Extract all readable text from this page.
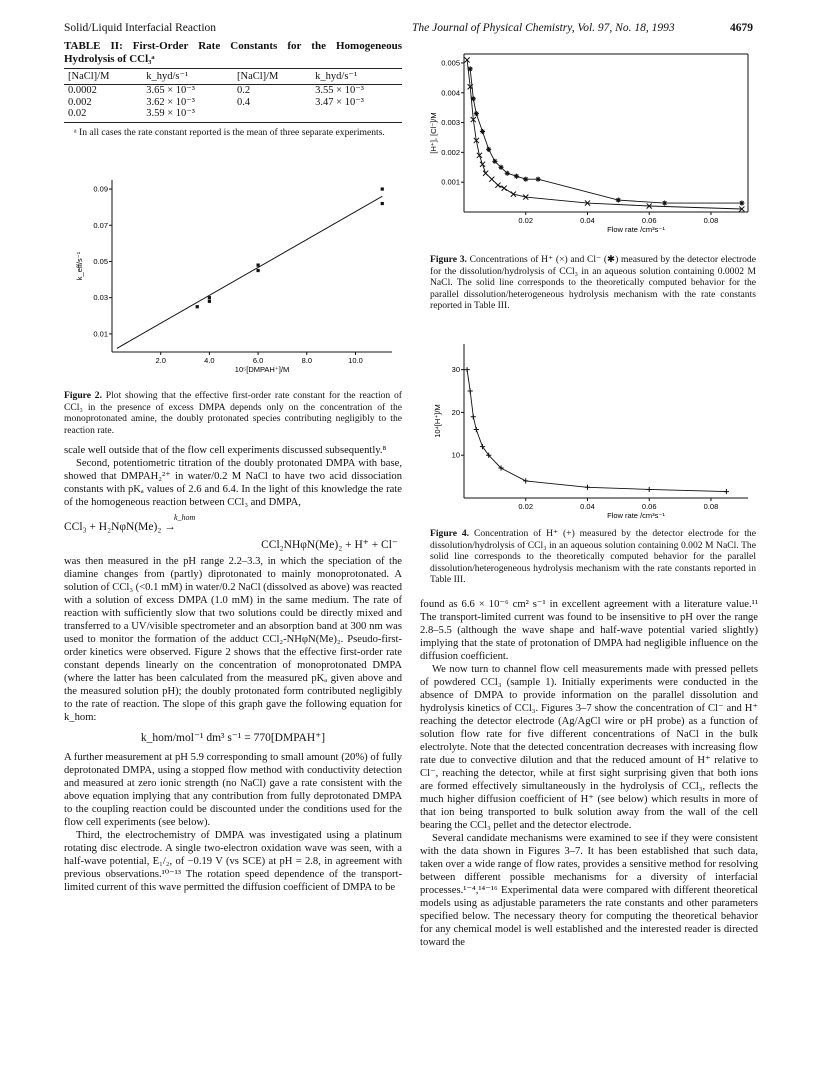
Solid/Liquid Interfacial Reaction	The Journal of Physical Chemistry, Vol. 97, No. 18, 1993	4679
TABLE II: First-Order Rate Constants for the Homogeneous Hydrolysis of CCl₃ᵃ
[NaCl]/M	k_hyd/s⁻¹	[NaCl]/M	k_hyd/s⁻¹
0.0002	3.65 × 10⁻³	0.2	3.55 × 10⁻³
0.002	3.62 × 10⁻³	0.4	3.47 × 10⁻³
0.02	3.59 × 10⁻³		
ᵃ In all cases the rate constant reported is the mean of three separate experiments.
2.0	4.0	6.0	8.0	10.0
0.01
0.03
0.05
0.07
0.09
10⁵[DMPAH⁺]/M
k_eff/s⁻¹
Figure 2. Plot showing that the effective first-order rate constant for the reaction of CCl₃ in the presence of excess DMPA depends only on the concentration of the monoprotonated amine, the doubly protonated species contributing negligibly to the reaction rate.

scale well outside that of the flow cell experiments discussed subsequently.⁸

Second, potentiometric titration of the doubly protonated DMPA with base, showed that DMPAH₂²⁺ in water/0.2 M NaCl to have two acid dissociation constants with pKₐ values of 2.6 and 6.4. In the light of this knowledge the rate of the homogeneous reaction between CCl₃ and DMPA,

k_hom
CCl₃ + H₂NφN(Me)₂ →
CCl₂NHφN(Me)₂ + H⁺ + Cl⁻

was then measured in the pH range 2.2–3.3, in which the speciation of the diamine changes from (partly) diprotonated to mainly monoprotonated. A solution of CCl₃ (<0.1 mM) in water/0.2 NaCl (dissolved as above) was reacted with a solution of excess DMPA (1.0 mM) in the same medium. The rate of reaction with sufficiently slow that two solutions could be directly mixed and transferred to a UV/visible spectrometer and an absorption band at 300 nm was used to monitor the formation of the adduct CCl₂-NHφN(Me)₂. Pseudo-first-order kinetics were observed. Figure 2 shows that the effective first-order rate constant depends linearly on the concentration of monoprotonated DMPA (where the latter has been calculated from the measured pKₐ given above and the measured solution pH); the doubly protonated form contributed negligibly to the rate of reaction. The slope of this graph gave the following equation for k_hom:

k_hom/mol⁻¹ dm³ s⁻¹ = 770[DMPAH⁺]

A further measurement at pH 5.9 corresponding to small amount (20%) of fully deprotonated DMPA, using a stopped flow method with conductivity detection and measured at zero ionic strength (no NaCl) gave a rate consistent with the above equation implying that any contribution from fully deprotonated DMPA to the coupling reaction could be discounted under the conditions used for the flow cell experiments (see below).

Third, the electrochemistry of DMPA was investigated using a platinum rotating disc electrode. A single two-electron oxidation wave was seen, with a half-wave potential, E₁/₂, of −0.19 V (vs SCE) at pH = 2.8, in agreement with previous observations.¹⁰⁻¹³ The rotation speed dependence of the transport-limited current of this wave permitted the diffusion coefficient of DMPA to be

0.02	0.04	0.06	0.08
0.001
0.002
0.003
0.004
0.005
Flow rate /cm³s⁻¹
[H⁺], [Cl⁻]/M
Figure 3. Concentrations of H⁺ (×) and Cl⁻ (✱) measured by the detector electrode for the dissolution/hydrolysis of CCl₃ in an aqueous solution containing 0.0002 M NaCl. The solid line corresponds to the theoretically computed behavior for the parallel dissolution/heterogeneous hydrolysis mechanism with the rate constants reported in Table III.
0.02	0.04	0.06	0.08
10
20
30
Flow rate /cm³s⁻¹
10⁴[H⁺]/M
Figure 4. Concentration of H⁺ (+) measured by the detector electrode for the dissolution/hydrolysis of CCl₃ in an aqueous solution containing 0.002 M NaCl. The solid line corresponds to the theoretically computed behavior for the parallel dissolution/heterogeneous hydrolysis mechanism with the rate constants reported in Table III.

found as 6.6 × 10⁻⁶ cm² s⁻¹ in excellent agreement with a literature value.¹¹ The transport-limited current was found to be insensitive to pH over the range 2.8–5.5 (although the wave shape and half-wave potential varied slightly) implying that the state of protonation of DMPA had negligible influence on the diffusion coefficient.

We now turn to channel flow cell measurements made with pressed pellets of powdered CCl₃ (sample 1). Initially experiments were conducted in the absence of DMPA to provide information on the parallel dissolution and hydrolysis kinetics of CCl₃. Figures 3–7 show the concentration of Cl⁻ and H⁺ reaching the detector electrode (Ag/AgCl wire or pH probe) as a function of solution flow rate for five different concentrations of NaCl in the bulk electrolyte. Note that the detected concentration decreases with increasing flow rate due to convective dilution and that the reduced amount of H⁺ relative to Cl⁻, reaching the detector, while at first sight surprising given that both ions are formed effectively simultaneously in the hydrolysis of CCl₃, reflects the much higher diffusion coefficient of H⁺ (see below) which results in more of that ion being transported to bulk solution away from the wall of the cell bearing the CCl₃ pellet and the detector electrode.

Several candidate mechanisms were examined to see if they were consistent with the data shown in Figures 3–7. It has been established that such data, taken over a wide range of flow rates, provides a sensitive method for resolving between different possible mechanisms for a diversity of interfacial processes.¹⁻⁴,¹⁴⁻¹⁶ Experimental data were compared with different theoretical models using as adjustable parameters the rate constants and other parameters specified below. The necessary theory for computing the theoretical behavior for any chemical model is well established and the interested reader is directed toward the
